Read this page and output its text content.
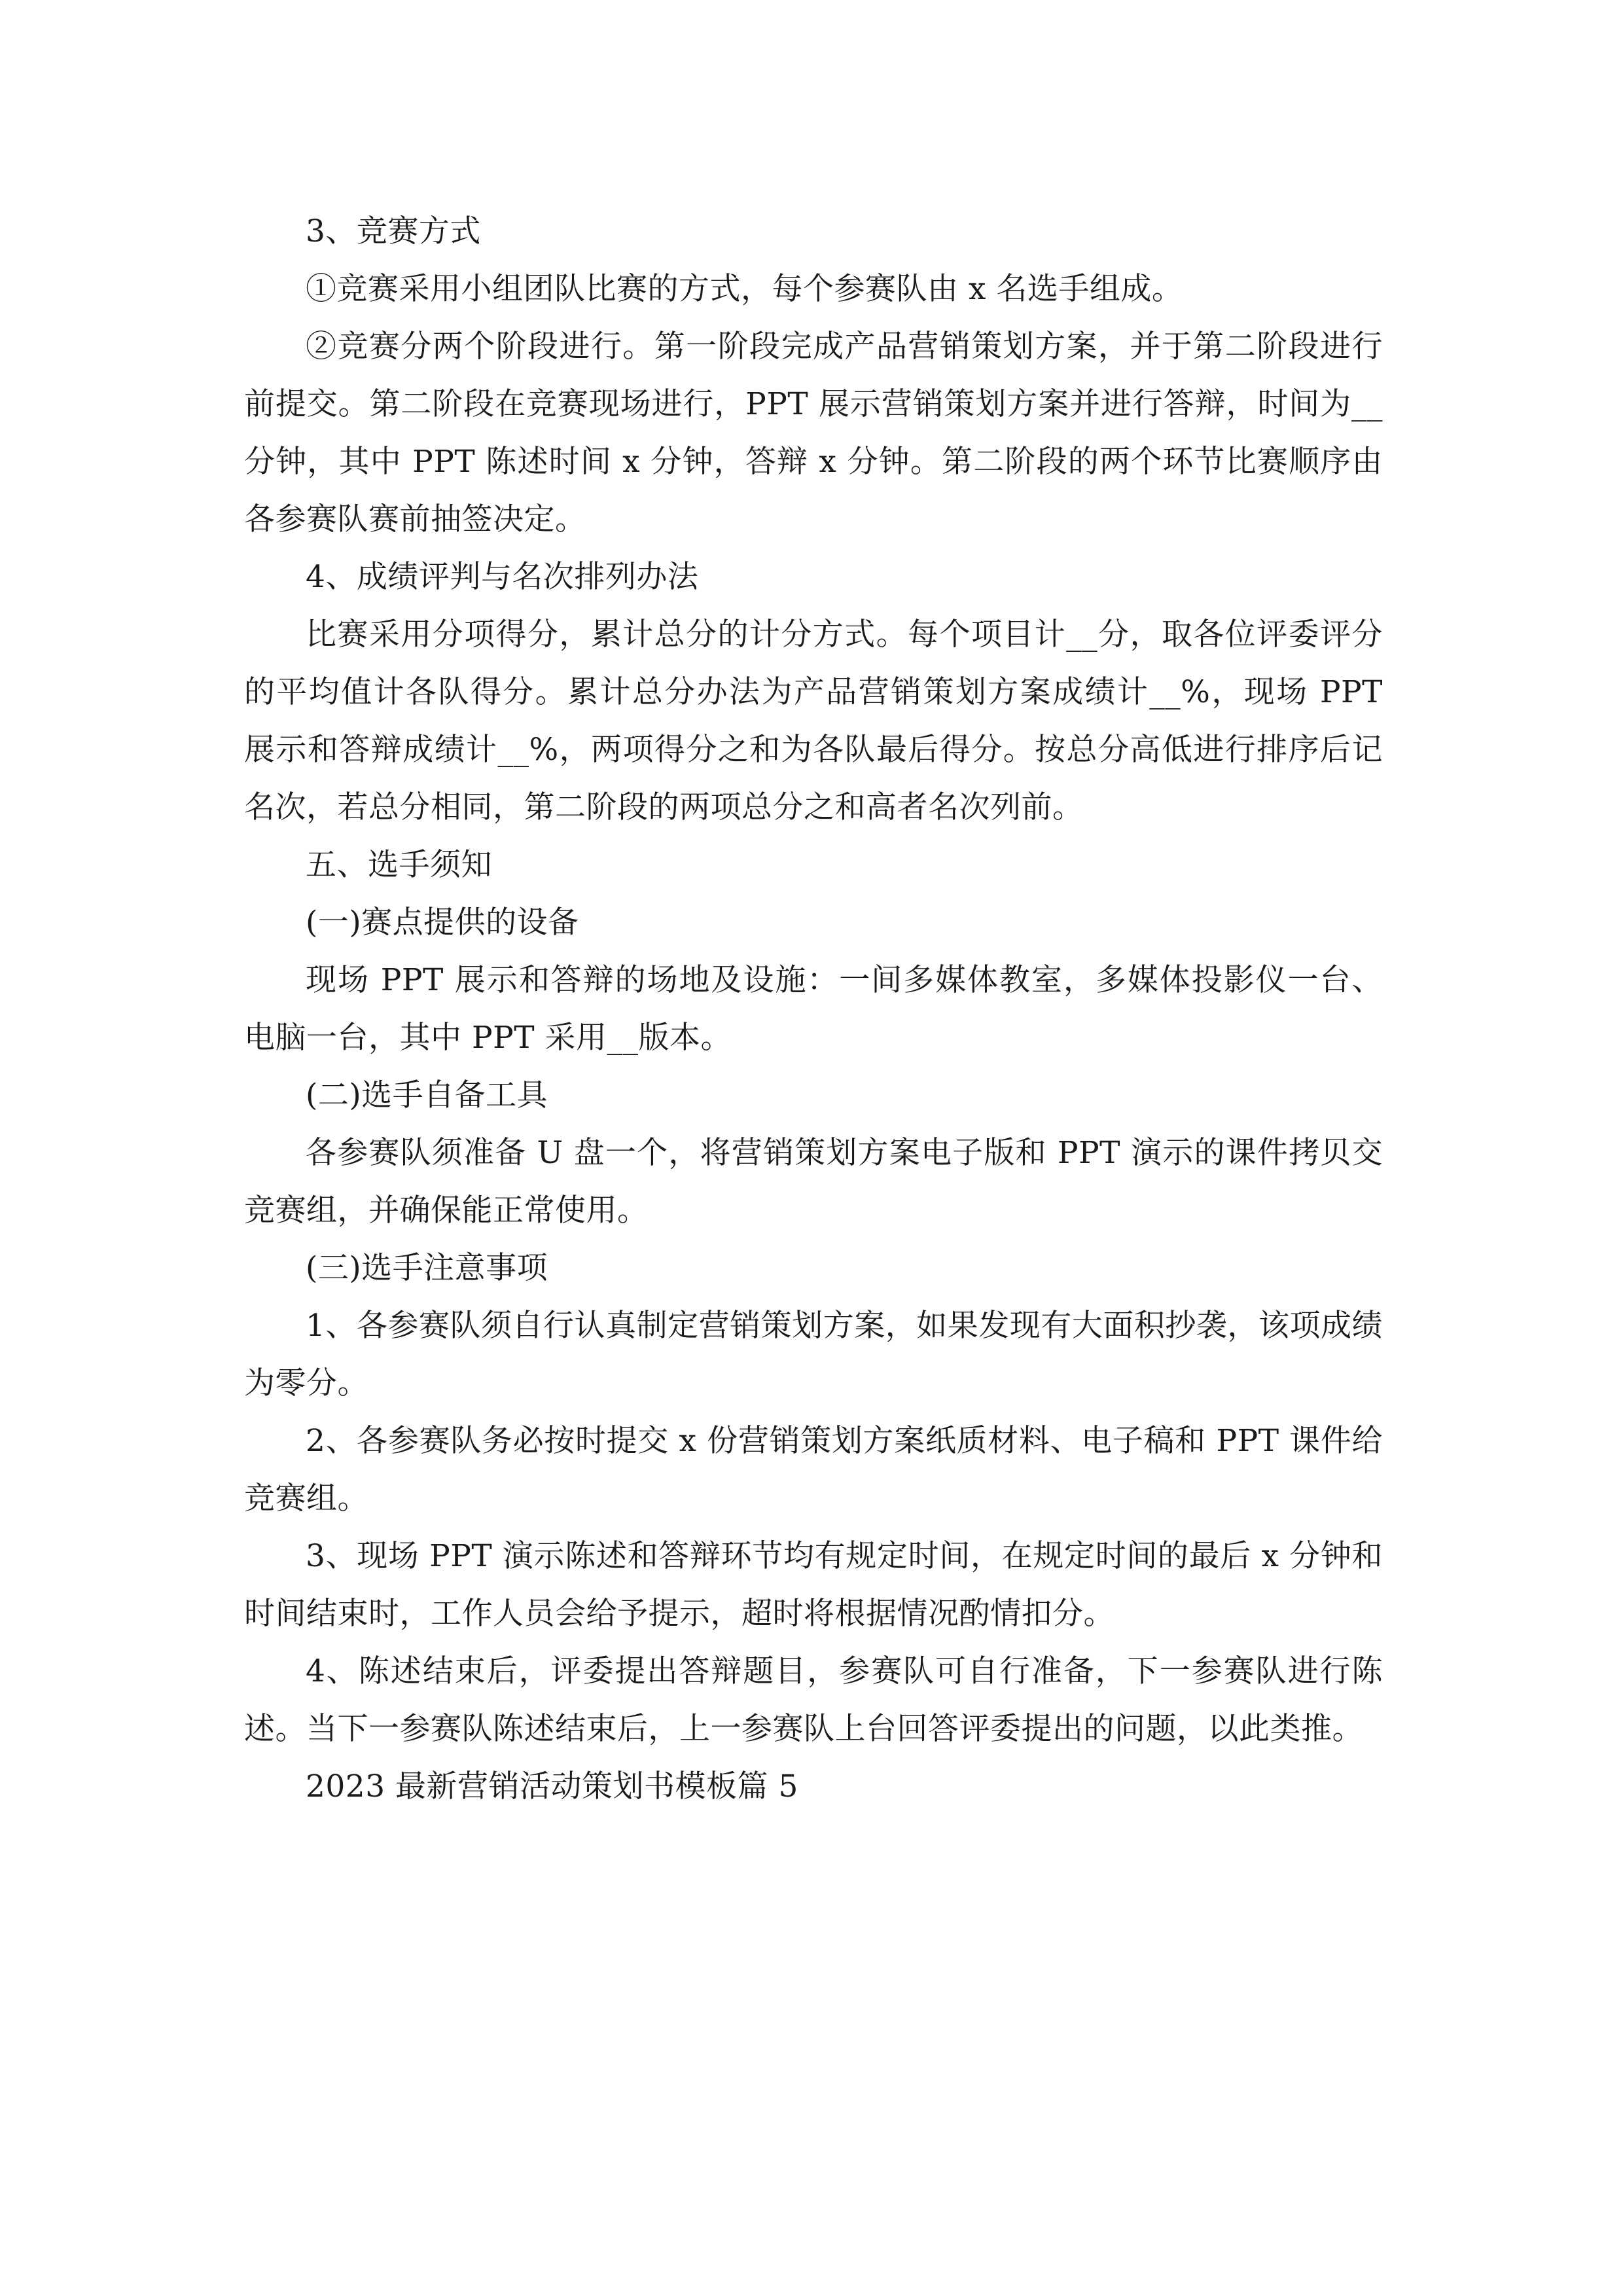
3、竞赛方式

①竞赛采用小组团队比赛的方式，每个参赛队由 x 名选手组成。

②竞赛分两个阶段进行。第一阶段完成产品营销策划方案，并于第二阶段进行前提交。第二阶段在竞赛现场进行，PPT 展示营销策划方案并进行答辩，时间为__分钟，其中 PPT 陈述时间 x 分钟，答辩 x 分钟。第二阶段的两个环节比赛顺序由各参赛队赛前抽签决定。

4、成绩评判与名次排列办法

比赛采用分项得分，累计总分的计分方式。每个项目计__分，取各位评委评分的平均值计各队得分。累计总分办法为产品营销策划方案成绩计__%，现场 PPT 展示和答辩成绩计__%，两项得分之和为各队最后得分。按总分高低进行排序后记名次，若总分相同，第二阶段的两项总分之和高者名次列前。

五、选手须知

(一)赛点提供的设备

现场 PPT 展示和答辩的场地及设施：一间多媒体教室，多媒体投影仪一台、电脑一台，其中 PPT 采用__版本。

(二)选手自备工具

各参赛队须准备 U 盘一个，将营销策划方案电子版和 PPT 演示的课件拷贝交竞赛组，并确保能正常使用。

(三)选手注意事项

1、各参赛队须自行认真制定营销策划方案，如果发现有大面积抄袭，该项成绩为零分。

2、各参赛队务必按时提交 x 份营销策划方案纸质材料、电子稿和 PPT 课件给竞赛组。

3、现场 PPT 演示陈述和答辩环节均有规定时间，在规定时间的最后 x 分钟和时间结束时，工作人员会给予提示，超时将根据情况酌情扣分。

4、陈述结束后，评委提出答辩题目，参赛队可自行准备，下一参赛队进行陈述。当下一参赛队陈述结束后，上一参赛队上台回答评委提出的问题，以此类推。

2023 最新营销活动策划书模板篇 5
